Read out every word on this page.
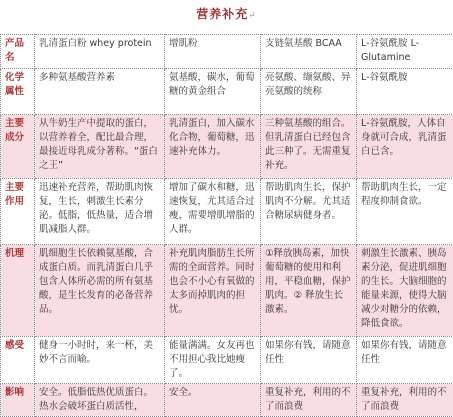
营养补充↵
产品名	乳清蛋白粉 whey protein	增肌粉	支链氨基酸 BCAA	L-谷氨酰胺 L-Glutamine
化学属性	多种氨基酸营养素	氨基酸，碳水，葡萄糖的黄金组合	亮氨酸、缬氨酸、异亮氨酸的统称	L-谷氨酰胺
主要成分	从牛奶生产中提取的蛋白，以营养着全，配比最合理，最接近母乳成分著称。“蛋白之王”	乳清蛋白，加入碳水化合物，葡萄糖，迅速补充体力。	三种氨基酸的组合。但乳清蛋白已经包含此三种了。无需重复补充。	L-谷氨酰胺，人体自身就可合成，乳清蛋白已含。
主要作用	迅速补充营养，帮助肌肉恢复，生长，刺激生长素分泌。低脂，低热量，适合增肌减脂人群。	增加了碳水和糖，迅速恢复，尤其适合过瘦，需要增肌增脂的人群。	帮助肌肉生长，保护肌肉不分解。尤其适合糖尿病健身者。	帮助肌肉生长，一定程度抑制食欲。
机理	肌细胞生长依赖氨基酸，合成蛋白质。而乳清蛋白几乎包含人体所必需的所有氨基酸，是生长发育的必备营养品。	补充肌肉脂肪生长所需的全面营养。同时也会不小心有氧做的太多而掉肌肉的担忧。	①释放胰岛素，加快葡萄糖的使用和利用，平稳血糖，保护肌肉。② 释放生长激素。	刺激生长激素、胰岛素分泌，促进肌细胞的生长。大脑细胞的能量来源，使得大脑减少对糖分的依赖，降低食欲。
感受	健身一小时时，来一杯，美妙不言而喻。	能量满满。女友再也不用担心我比她瘦了。	如果你有钱，请随意任性	如果你有钱，请随意任性
影响	安全。低脂低热优质蛋白。热水会破坏蛋白质活性，	安全。	重复补充，利用的不了而浪费	重复补充，利用的不了而浪费
